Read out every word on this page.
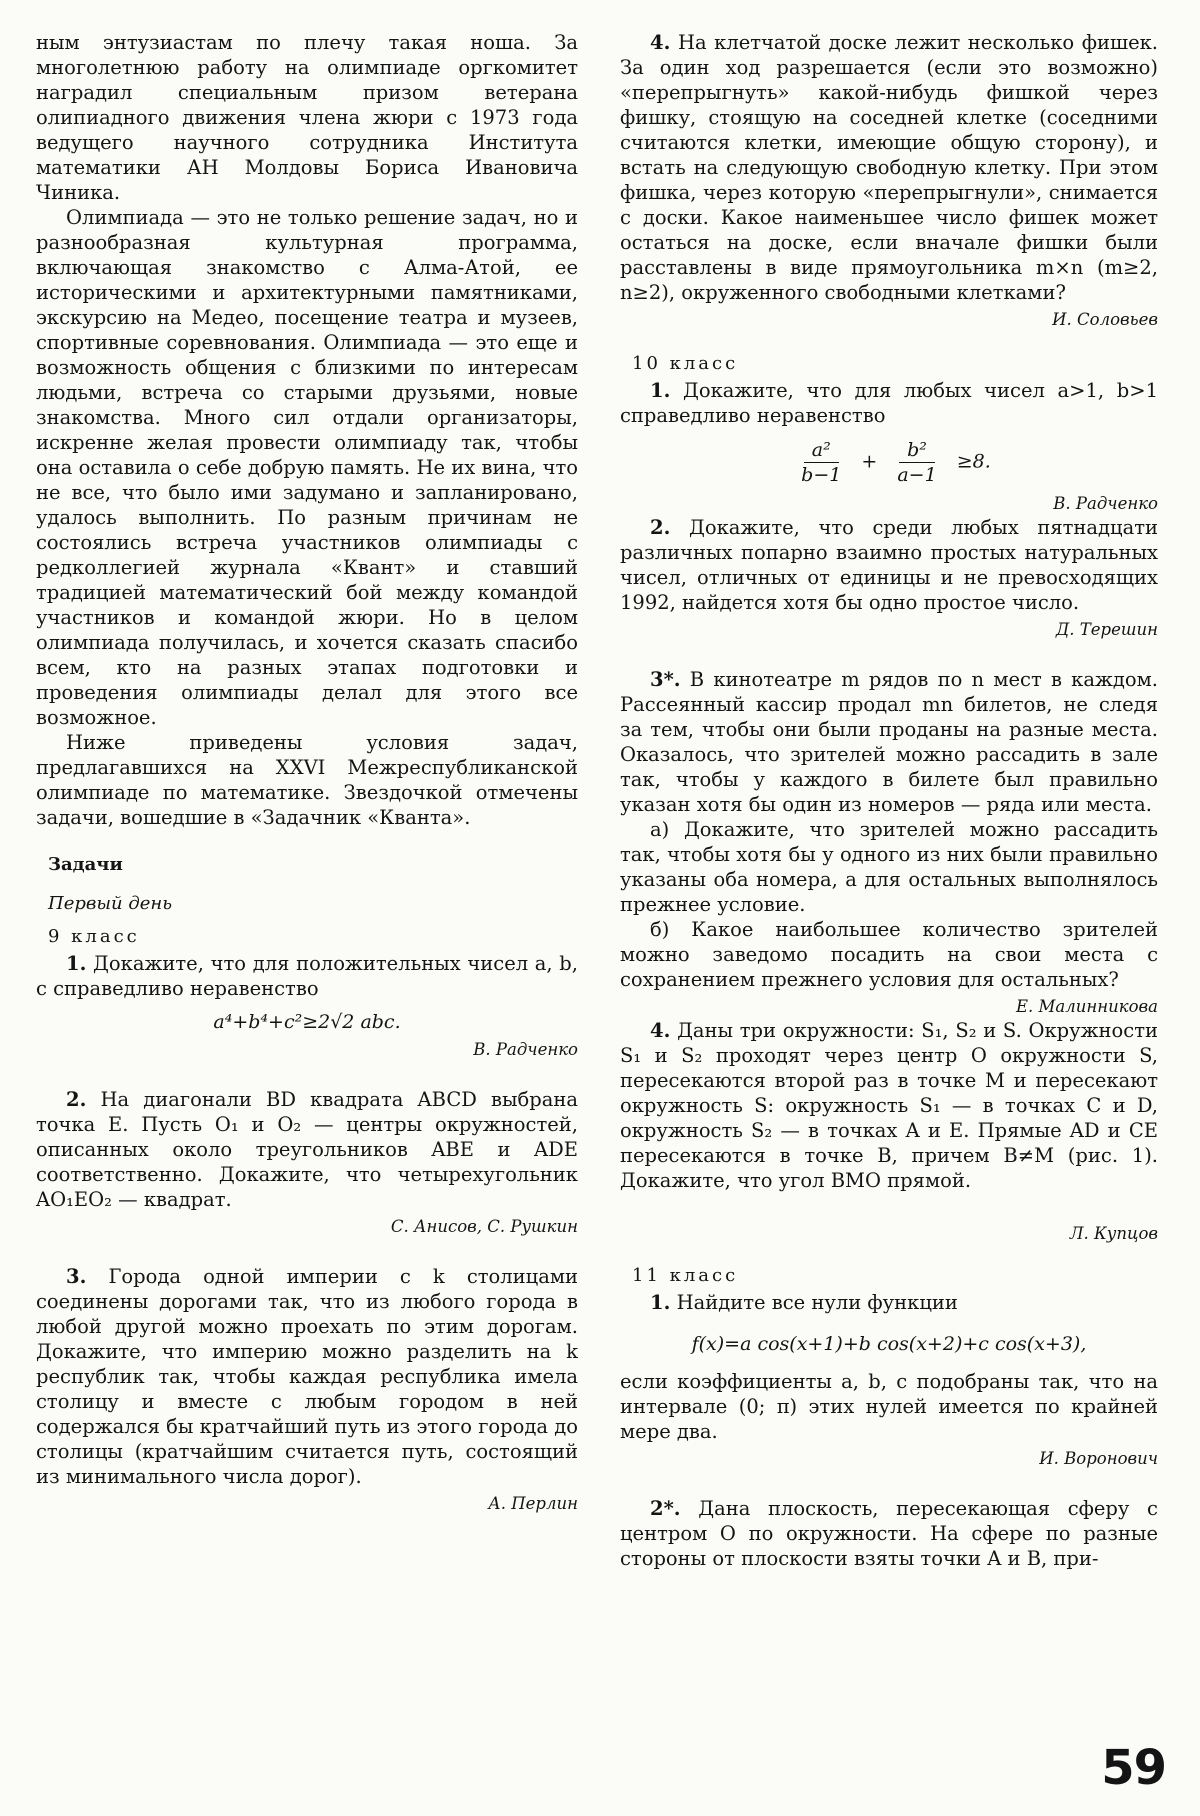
ным энтузиастам по плечу такая ноша. За многолетнюю работу на олимпиаде оргкомитет наградил специальным призом ветерана олипиадного движения члена жюри с 1973 года ведущего научного сотрудника Института математики АН Молдовы Бориса Ивановича Чиника.

Олимпиада — это не только решение задач, но и разнообразная культурная программа, включающая знакомство с Алма-Атой, ее историческими и архитектурными памятниками, экскурсию на Медео, посещение театра и музеев, спортивные соревнования. Олимпиада — это еще и возможность общения с близкими по интересам людьми, встреча со старыми друзьями, новые знакомства. Много сил отдали организаторы, искренне желая провести олимпиаду так, чтобы она оставила о себе добрую память. Не их вина, что не все, что было ими задумано и запланировано, удалось выполнить. По разным причинам не состоялись встреча участников олимпиады с редколлегией журнала «Квант» и ставший традицией математический бой между командой участников и командой жюри. Но в целом олимпиада получилась, и хочется сказать спасибо всем, кто на разных этапах подготовки и проведения олимпиады делал для этого все возможное.

Ниже приведены условия задач, предлагавшихся на XXVI Межреспубликанской олимпиаде по математике. Звездочкой отмечены задачи, вошедшие в «Задачник «Кванта».

Задачи
Первый день
9 класс

1. Докажите, что для положительных чисел a, b, c справедливо неравенство

a⁴+b⁴+c²≥2√2 abc.

В. Радченко

2. На диагонали BD квадрата ABCD выбрана точка E. Пусть O₁ и O₂ — центры окружностей, описанных около треугольников ABE и ADE соответственно. Докажите, что четырехугольник AO₁EO₂ — квадрат.

С. Анисов, С. Рушкин

3. Города одной империи с k столицами соединены дорогами так, что из любого города в любой другой можно проехать по этим дорогам. Докажите, что империю можно разделить на k республик так, чтобы каждая республика имела столицу и вместе с любым городом в ней содержался бы кратчайший путь из этого города до столицы (кратчайшим считается путь, состоящий из минимального числа дорог).

А. Перлин

4. На клетчатой доске лежит несколько фишек. За один ход разрешается (если это возможно) «перепрыгнуть» какой-нибудь фишкой через фишку, стоящую на соседней клетке (соседними считаются клетки, имеющие общую сторону), и встать на следующую свободную клетку. При этом фишка, через которую «перепрыгнули», снимается с доски. Какое наименьшее число фишек может остаться на доске, если вначале фишки были расставлены в виде прямоугольника m×n (m≥2, n≥2), окруженного свободными клетками?

И. Соловьев

10 класс

1. Докажите, что для любых чисел a>1, b>1 справедливо неравенство

$\frac{\text{a²}}{b-1} + \frac{\text{b²}}{a-1} \ge 8$.

В. Радченко

2. Докажите, что среди любых пятнадцати различных попарно взаимно простых натуральных чисел, отличных от единицы и не превосходящих 1992, найдется хотя бы одно простое число.

Д. Терешин

3*. В кинотеатре m рядов по n мест в каждом. Рассеянный кассир продал mn билетов, не следя за тем, чтобы они были проданы на разные места. Оказалось, что зрителей можно рассадить в зале так, чтобы у каждого в билете был правильно указан хотя бы один из номеров — ряда или места.

а) Докажите, что зрителей можно рассадить так, чтобы хотя бы у одного из них были правильно указаны оба номера, а для остальных выполнялось прежнее условие.

б) Какое наибольшее количество зрителей можно заведомо посадить на свои места с сохранением прежнего условия для остальных?

Е. Малинникова

4. Даны три окружности: S₁, S₂ и S. Окружности S₁ и S₂ проходят через центр O окружности S, пересекаются второй раз в точке M и пересекают окружность S: окружность S₁ — в точках C и D, окружность S₂ — в точках A и E. Прямые AD и CE пересекаются в точке B, причем B≠M (рис. 1). Докажите, что угол BMO прямой.

Л. Купцов

11 класс

1. Найдите все нули функции

f(x)=a cos(x+1)+b cos(x+2)+c cos(x+3),

если коэффициенты a, b, c подобраны так, что на интервале (0; π) этих нулей имеется по крайней мере два.

И. Воронович

2*. Дана плоскость, пересекающая сферу с центром O по окружности. На сфере по разные стороны от плоскости взяты точки A и B, при-

59
